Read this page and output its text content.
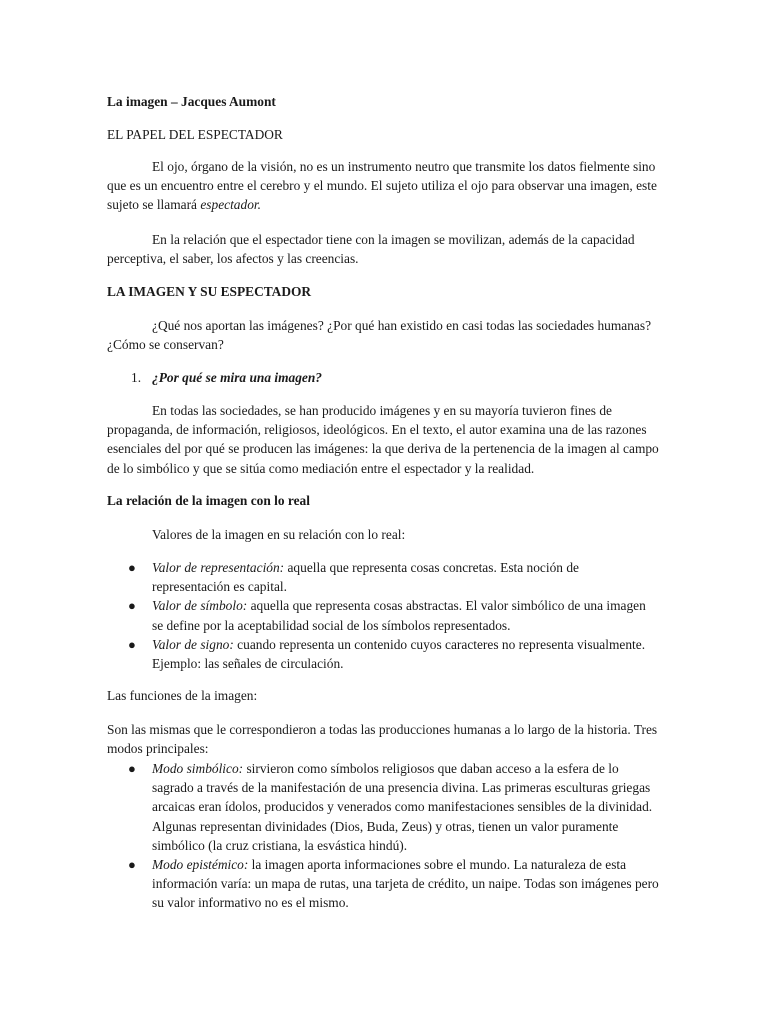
La imagen – Jacques Aumont

EL PAPEL DEL ESPECTADOR

El ojo, órgano de la visión, no es un instrumento neutro que transmite los datos fielmente sino que es un encuentro entre el cerebro y el mundo. El sujeto utiliza el ojo para observar una imagen, este sujeto se llamará espectador.

En la relación que el espectador tiene con la imagen se movilizan, además de la capacidad perceptiva, el saber, los afectos y las creencias.

LA IMAGEN Y SU ESPECTADOR

¿Qué nos aportan las imágenes? ¿Por qué han existido en casi todas las sociedades humanas? ¿Cómo se conservan?

1. ¿Por qué se mira una imagen?

En todas las sociedades, se han producido imágenes y en su mayoría tuvieron fines de propaganda, de información, religiosos, ideológicos. En el texto, el autor examina una de las razones esenciales del por qué se producen las imágenes: la que deriva de la pertenencia de la imagen al campo de lo simbólico y que se sitúa como mediación entre el espectador y la realidad.

La relación de la imagen con lo real

Valores de la imagen en su relación con lo real:

● Valor de representación: aquella que representa cosas concretas. Esta noción de representación es capital.
● Valor de símbolo: aquella que representa cosas abstractas. El valor simbólico de una imagen se define por la aceptabilidad social de los símbolos representados.
● Valor de signo: cuando representa un contenido cuyos caracteres no representa visualmente. Ejemplo: las señales de circulación.

Las funciones de la imagen:

Son las mismas que le correspondieron a todas las producciones humanas a lo largo de la historia. Tres modos principales:

● Modo simbólico: sirvieron como símbolos religiosos que daban acceso a la esfera de lo sagrado a través de la manifestación de una presencia divina. Las primeras esculturas griegas arcaicas eran ídolos, producidos y venerados como manifestaciones sensibles de la divinidad. Algunas representan divinidades (Dios, Buda, Zeus) y otras, tienen un valor puramente simbólico (la cruz cristiana, la esvástica hindú).
● Modo epistémico: la imagen aporta informaciones sobre el mundo. La naturaleza de esta información varía: un mapa de rutas, una tarjeta de crédito, un naipe. Todas son imágenes pero su valor informativo no es el mismo.
